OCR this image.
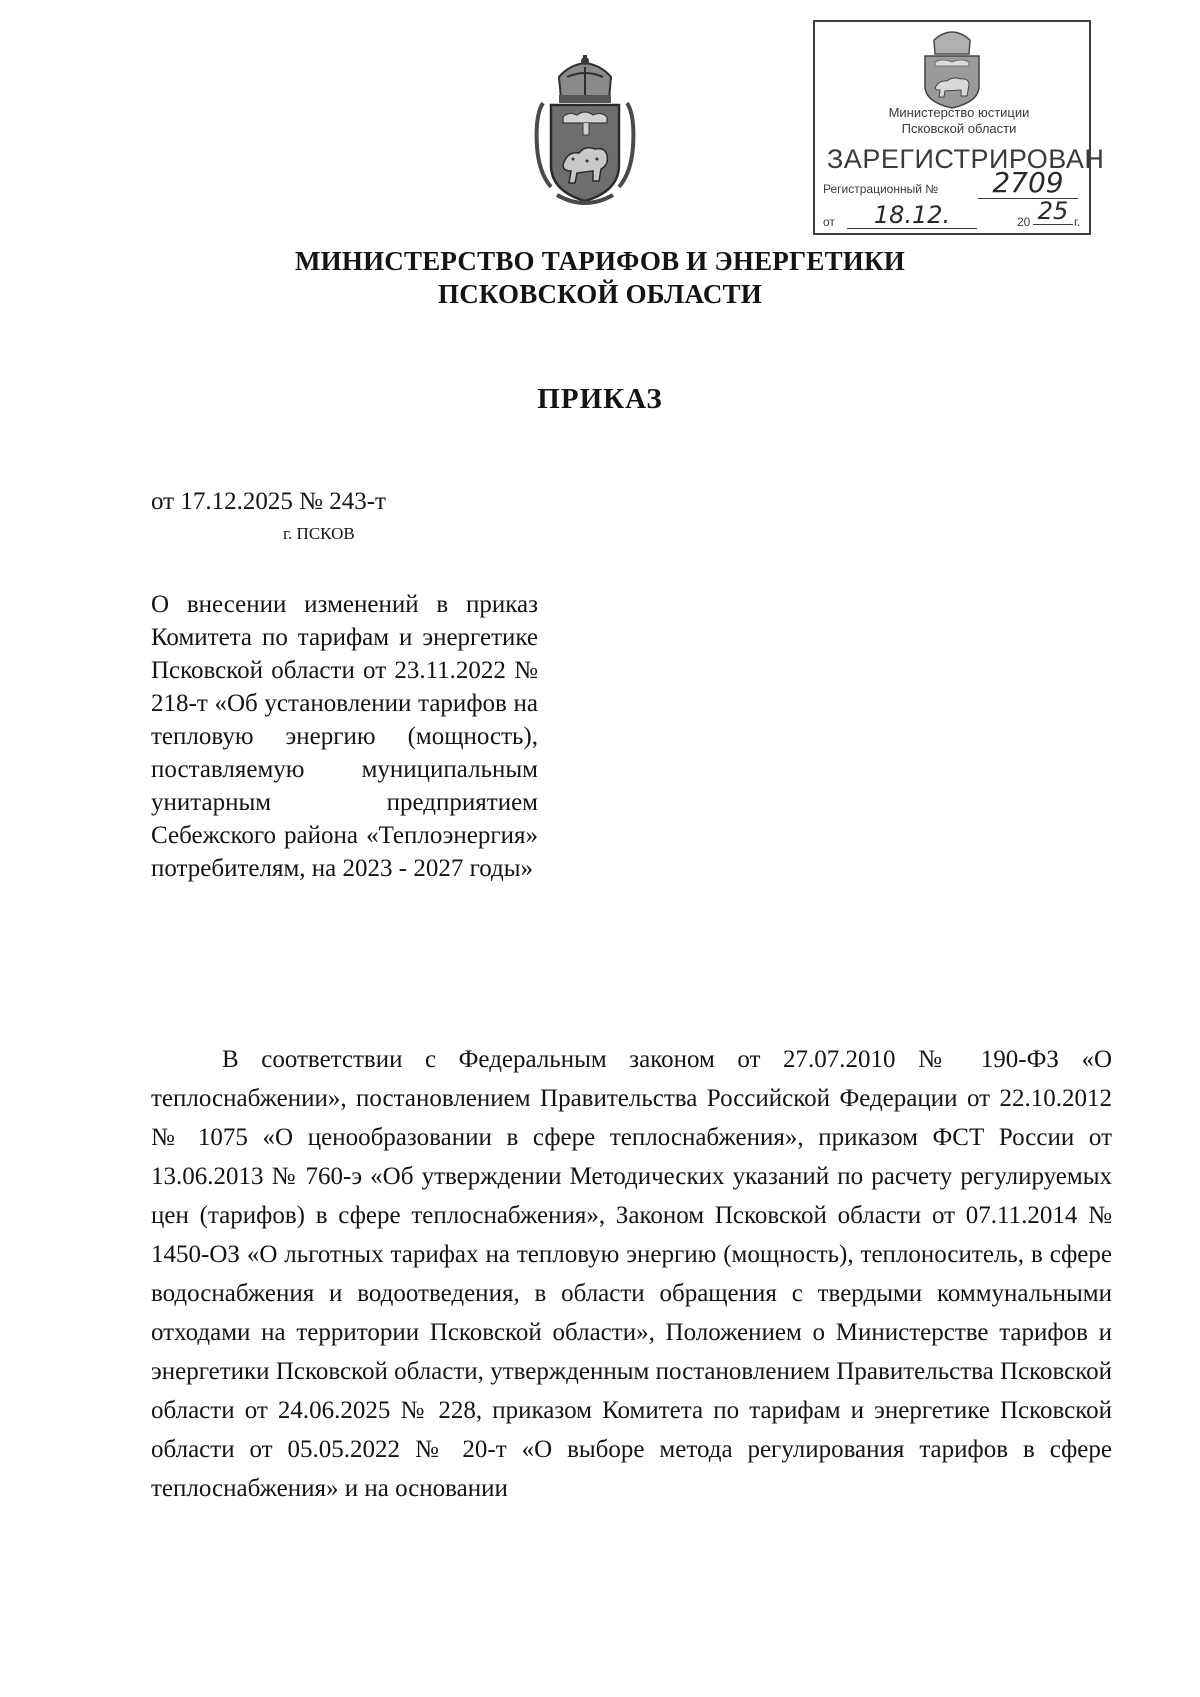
Министерство юстиции
Псковской области
ЗАРЕГИСТРИРОВАН
Регистрационный №	2709
от	18.12.	20 25 г.
МИНИСТЕРСТВО ТАРИФОВ И ЭНЕРГЕТИКИ
ПСКОВСКОЙ ОБЛАСТИ
ПРИКАЗ
от 17.12.2025 № 243-т
г. ПСКОВ
О внесении изменений в приказ Комитета по тарифам и энергетике Псковской области от 23.11.2022 № 218-т «Об установлении тарифов на тепловую энергию (мощность), поставляемую муниципальным унитарным предприятием Себежского района «Теплоэнергия» потребителям, на 2023 - 2027 годы»
В соответствии с Федеральным законом от 27.07.2010 № 190-ФЗ «О теплоснабжении», постановлением Правительства Российской Федерации от 22.10.2012 № 1075 «О ценообразовании в сфере теплоснабжения», приказом ФСТ России от 13.06.2013 № 760-э «Об утверждении Методических указаний по расчету регулируемых цен (тарифов) в сфере теплоснабжения», Законом Псковской области от 07.11.2014 № 1450-ОЗ «О льготных тарифах на тепловую энергию (мощность), теплоноситель, в сфере водоснабжения и водоотведения, в области обращения с твердыми коммунальными отходами на территории Псковской области», Положением о Министерстве тарифов и энергетики Псковской области, утвержденным постановлением Правительства Псковской области от 24.06.2025 № 228, приказом Комитета по тарифам и энергетике Псковской области от 05.05.2022 № 20-т «О выборе метода регулирования тарифов в сфере теплоснабжения» и на основании
